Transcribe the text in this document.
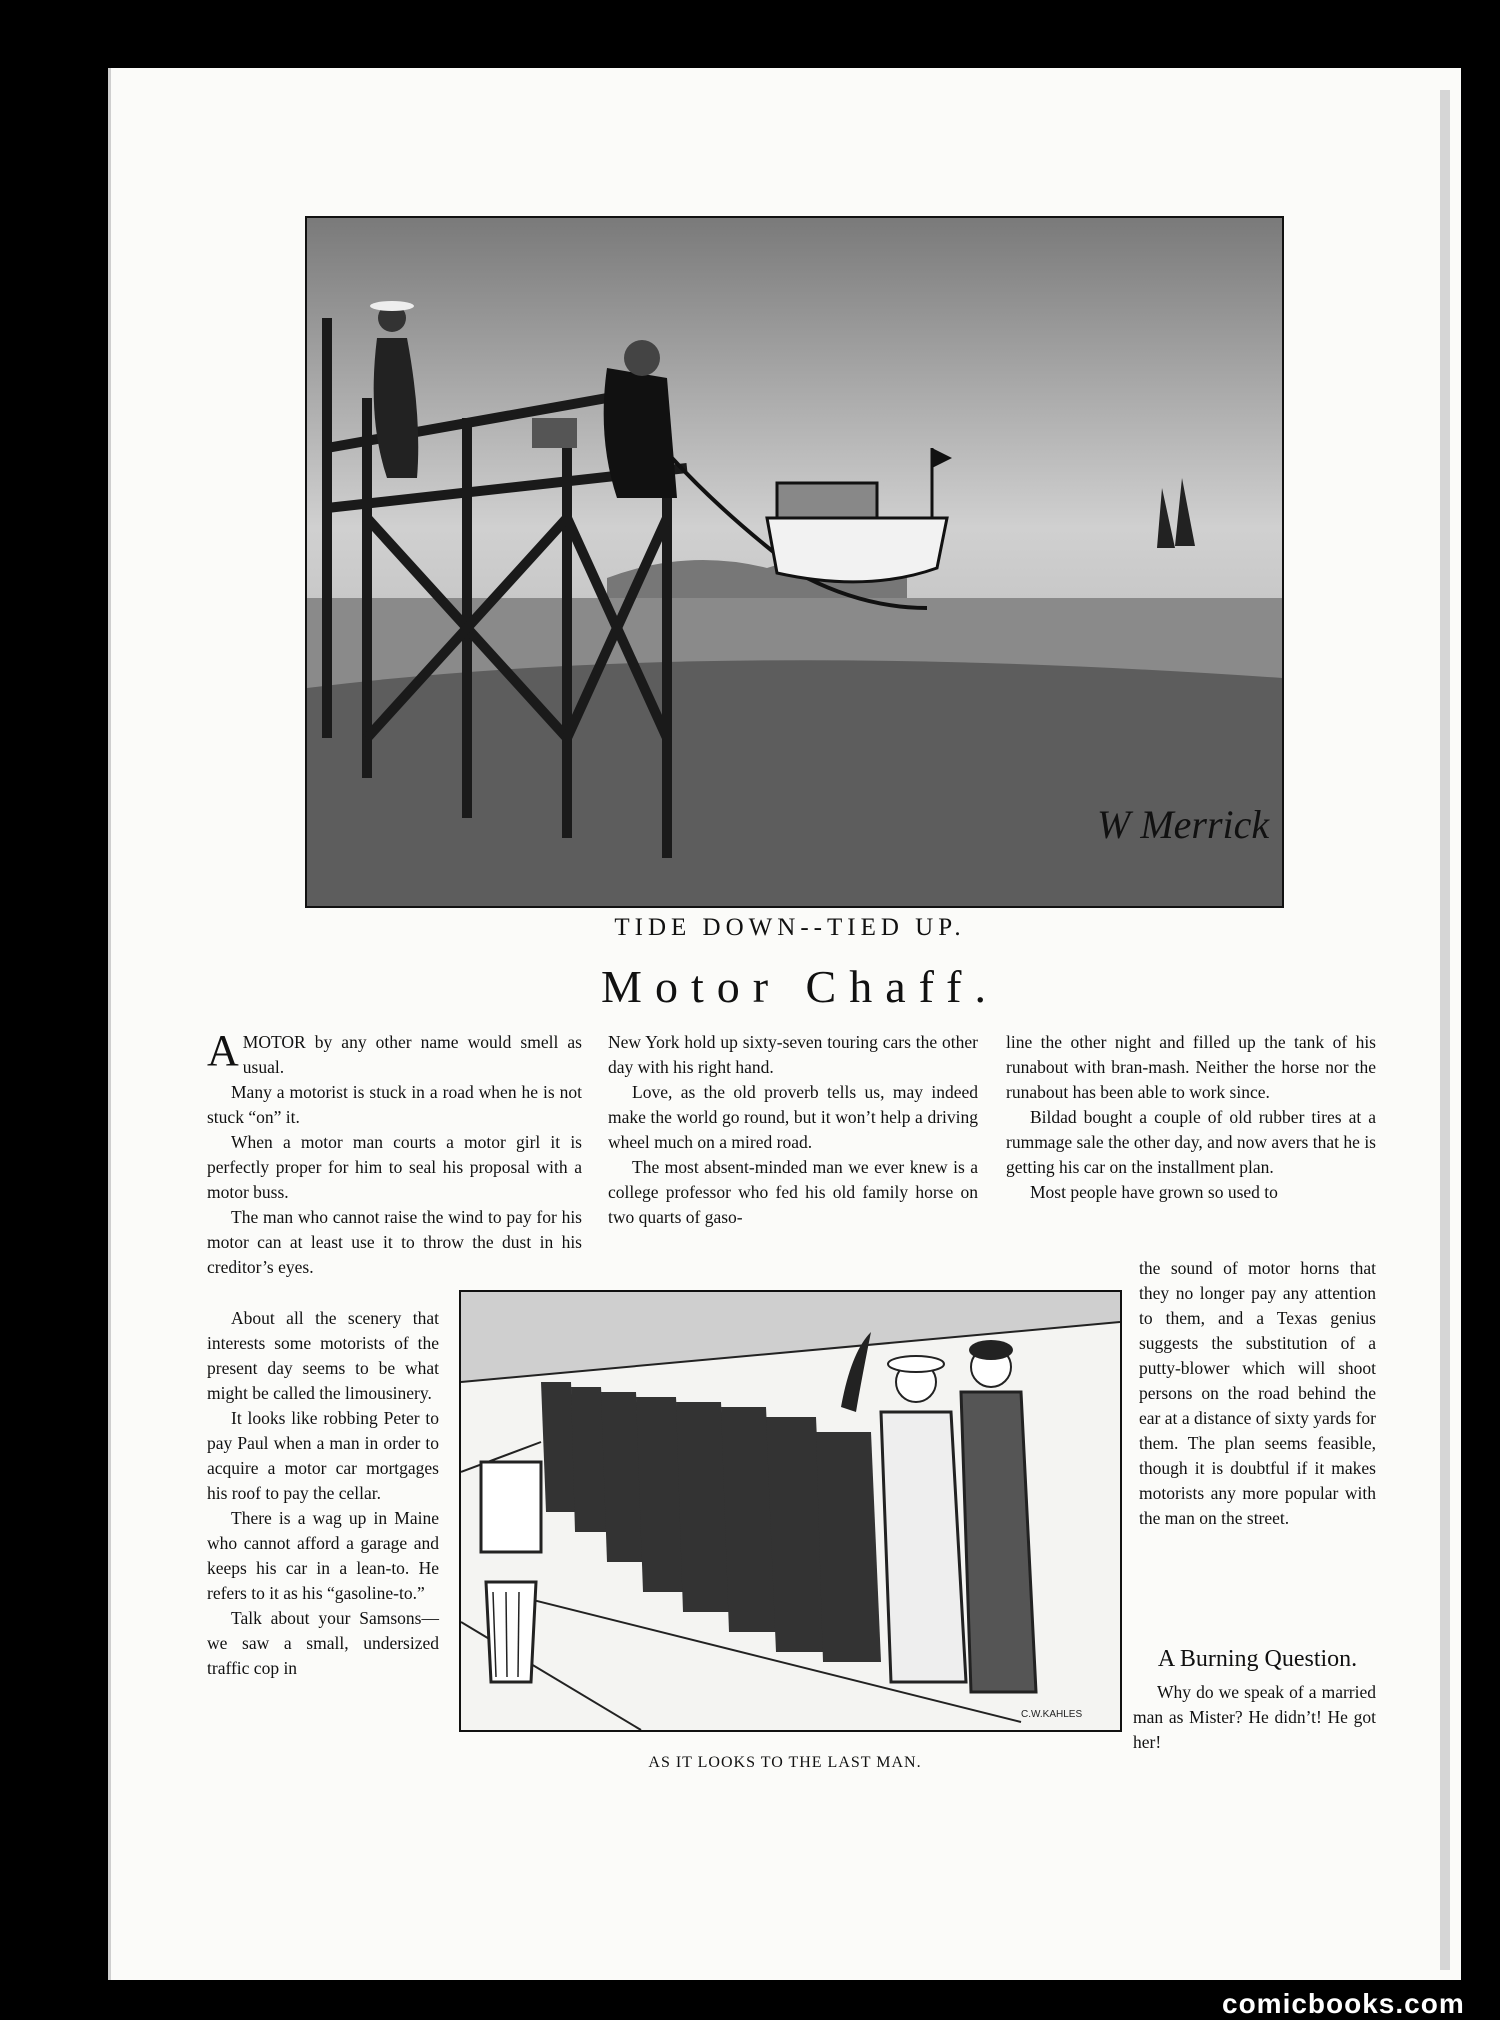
W Merrick
TIDE DOWN--TIED UP.
Motor Chaff.

AMOTOR by any other name would smell as usual.

Many a motorist is stuck in a road when he is not stuck “on” it.

When a motor man courts a motor girl it is perfectly proper for him to seal his proposal with a motor buss.

The man who cannot raise the wind to pay for his motor can at least use it to throw the dust in his creditor’s eyes.

About all the scenery that interests some motorists of the present day seems to be what might be called the limousinery.

It looks like robbing Peter to pay Paul when a man in order to acquire a motor car mortgages his roof to pay the cellar.

There is a wag up in Maine who cannot afford a garage and keeps his car in a lean-to. He refers to it as his “gasoline-to.”

Talk about your Samsons—we saw a small, undersized traffic cop in

New York hold up sixty-seven touring cars the other day with his right hand.

Love, as the old proverb tells us, may indeed make the world go round, but it won’t help a driving wheel much on a mired road.

The most absent-minded man we ever knew is a college professor who fed his old family horse on two quarts of gaso-

line the other night and filled up the tank of his runabout with bran-mash. Neither the horse nor the runabout has been able to work since.

Bildad bought a couple of old rubber tires at a rummage sale the other day, and now avers that he is getting his car on the installment plan.

Most people have grown so used to

the sound of motor horns that they no longer pay any attention to them, and a Texas genius suggests the substitution of a putty-blower which will shoot persons on the road behind the ear at a distance of sixty yards for them. The plan seems feasible, though it is doubtful if it makes motorists any more popular with the man on the street.

A Burning Question.

Why do we speak of a married man as Mister? He didn’t! He got her!

C.W.KAHLES
AS IT LOOKS TO THE LAST MAN.
comicbooks.com
